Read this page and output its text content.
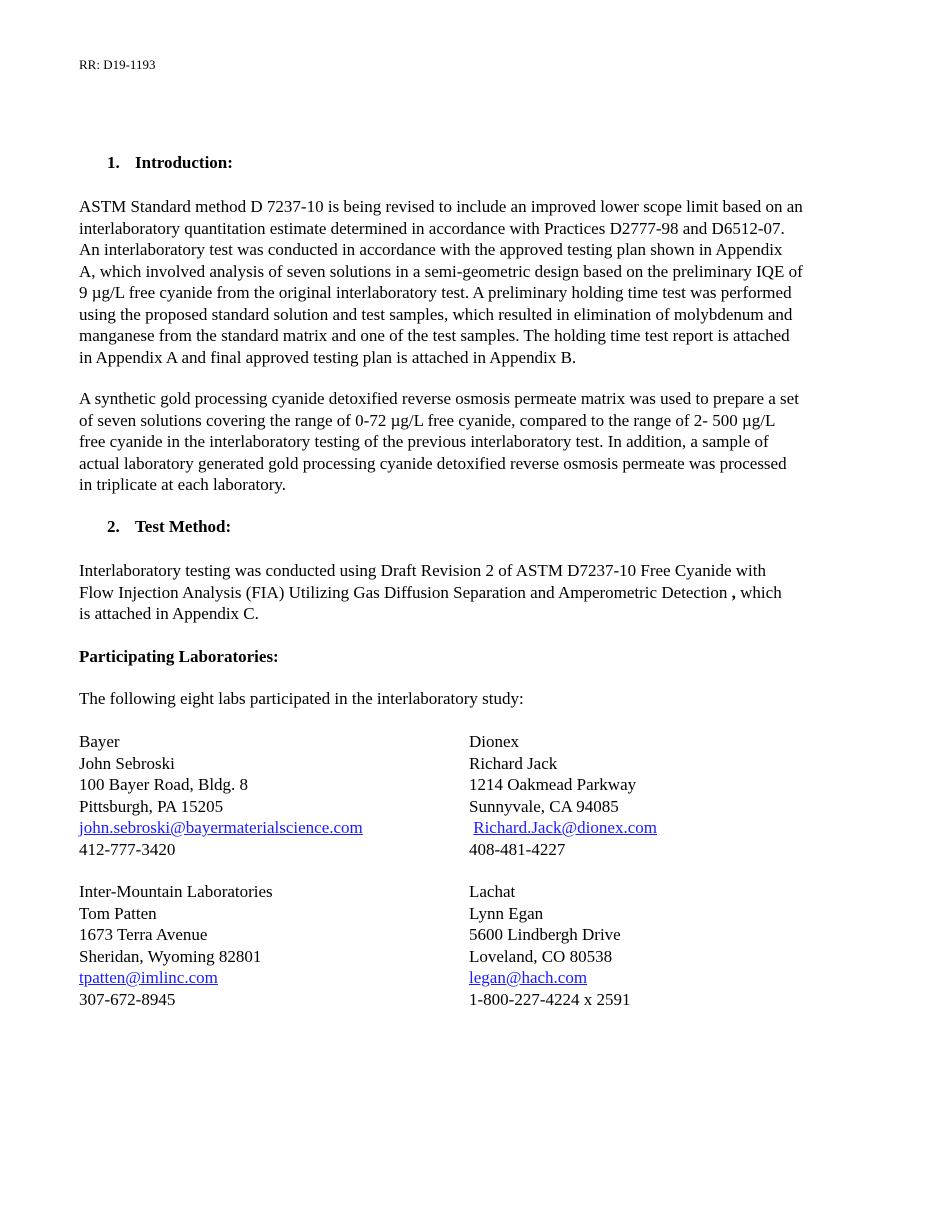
RR: D19-1193
1. Introduction:
ASTM Standard method D 7237-10 is being revised to include an improved lower scope limit based on an
interlaboratory quantitation estimate determined in accordance with Practices D2777-98 and D6512-07.
An interlaboratory test was conducted in accordance with the approved testing plan shown in Appendix
A, which involved analysis of seven solutions in a semi-geometric design based on the preliminary IQE of
9 µg/L free cyanide from the original interlaboratory test. A preliminary holding time test was performed
using the proposed standard solution and test samples, which resulted in elimination of molybdenum and
manganese from the standard matrix and one of the test samples. The holding time test report is attached
in Appendix A and final approved testing plan is attached in Appendix B.
A synthetic gold processing cyanide detoxified reverse osmosis permeate matrix was used to prepare a set
of seven solutions covering the range of 0-72 µg/L free cyanide, compared to the range of 2- 500 µg/L
free cyanide in the interlaboratory testing of the previous interlaboratory test. In addition, a sample of
actual laboratory generated gold processing cyanide detoxified reverse osmosis permeate was processed
in triplicate at each laboratory.
2. Test Method:
Interlaboratory testing was conducted using Draft Revision 2 of ASTM D7237-10 Free Cyanide with
Flow Injection Analysis (FIA) Utilizing Gas Diffusion Separation and Amperometric Detection , which
is attached in Appendix C.
Participating Laboratories:
The following eight labs participated in the interlaboratory study:
Bayer
John Sebroski
100 Bayer Road, Bldg. 8
Pittsburgh, PA 15205
john.sebroski@bayermaterialscience.com
412-777-3420
Dionex
Richard Jack
1214 Oakmead Parkway
Sunnyvale, CA 94085
Richard.Jack@dionex.com
408-481-4227
Inter-Mountain Laboratories
Tom Patten
1673 Terra Avenue
Sheridan, Wyoming 82801
tpatten@imlinc.com
307-672-8945
Lachat
Lynn Egan
5600 Lindbergh Drive
Loveland, CO 80538
legan@hach.com
1-800-227-4224 x 2591
